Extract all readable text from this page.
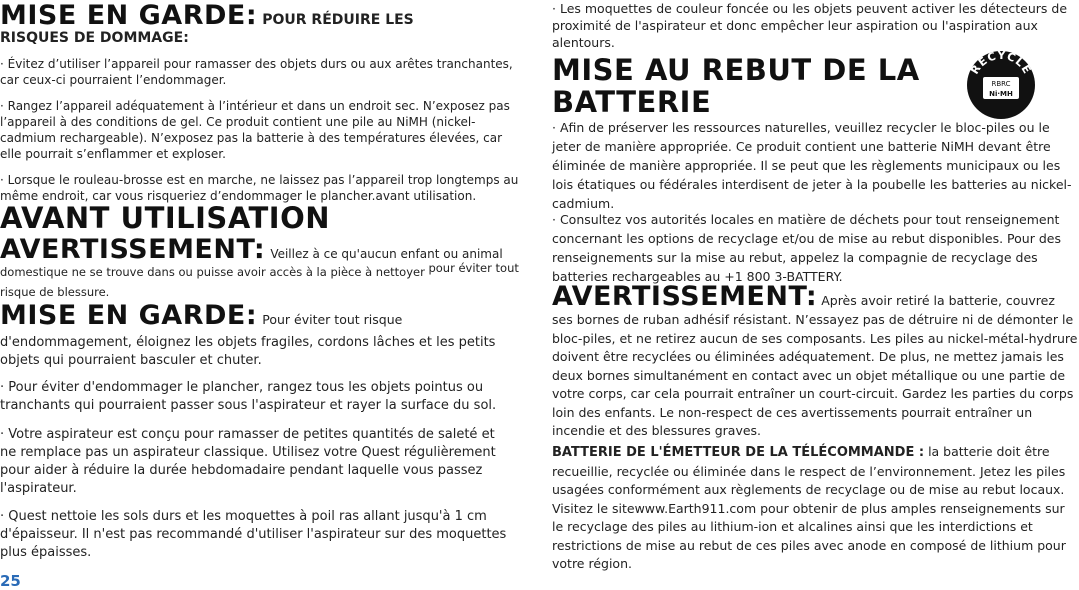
MISE EN GARDE: POUR RÉDUIRE LES
RISQUES DE DOMMAGE:

· Évitez d’utiliser l’appareil pour ramasser des objets durs ou aux arêtes tranchantes, car ceux-ci pourraient l’endommager.

· Rangez l’appareil adéquatement à l’intérieur et dans un endroit sec. N’exposez pas l’appareil à des conditions de gel. Ce produit contient une pile au NiMH (nickel-cadmium rechargeable). N’exposez pas la batterie à des températures élevées, car elle pourrait s’enflammer et exploser.

· Lorsque le rouleau-brosse est en marche, ne laissez pas l’appareil trop longtemps au même endroit, car vous risqueriez d’endommager le plancher.avant utilisation.

AVANT UTILISATION
AVERTISSEMENT: Veillez à ce qu'aucun enfant ou animal
domestique ne se trouve dans ou puisse avoir accès à la pièce à nettoyer pour éviter tout
risque de blessure.
MISE EN GARDE: Pour éviter tout risque

d'endommagement, éloignez les objets fragiles, cordons lâches et les petits objets qui pourraient basculer et chuter.

· Pour éviter d'endommager le plancher, rangez tous les objets pointus ou tranchants qui pourraient passer sous l'aspirateur et rayer la surface du sol.

· Votre aspirateur est conçu pour ramasser de petites quantités de saleté et ne remplace pas un aspirateur classique. Utilisez votre Quest régulièrement pour aider à réduire la durée hebdomadaire pendant laquelle vous passez l'aspirateur.

· Quest nettoie les sols durs et les moquettes à poil ras allant jusqu'à 1 cm d'épaisseur. Il n'est pas recommandé d'utiliser l'aspirateur sur des moquettes plus épaisses.

25

· Les moquettes de couleur foncée ou les objets peuvent activer les détecteurs de proximité de l'aspirateur et donc empêcher leur aspiration ou l'aspiration aux alentours.

MISE AU REBUT DE LA
BATTERIE

· Afin de préserver les ressources naturelles, veuillez recycler le bloc-piles ou le jeter de manière appropriée. Ce produit contient une batterie NiMH devant être éliminée de manière appropriée. Il se peut que les règlements municipaux ou les lois étatiques ou fédérales interdisent de jeter à la poubelle les batteries au nickel-cadmium.

· Consultez vos autorités locales en matière de déchets pour tout renseignement concernant les options de recyclage et/ou de mise au rebut disponibles. Pour des renseignements sur la mise au rebut, appelez la compagnie de recyclage des batteries rechargeables au +1 800 3-BATTERY.

AVERTISSEMENT: Après avoir retiré la batterie, couvrez ses bornes de ruban adhésif résistant. N’essayez pas de détruire ni de démonter le bloc-piles, et ne retirez aucun de ses composants. Les piles au nickel-métal-hydrure doivent être recyclées ou éliminées adéquatement. De plus, ne mettez jamais les deux bornes simultanément en contact avec un objet métallique ou une partie de votre corps, car cela pourrait entraîner un court-circuit. Gardez les parties du corps loin des enfants. Le non-respect de ces avertissements pourrait entraîner un incendie et des blessures graves.
BATTERIE DE L'ÉMETTEUR DE LA TÉLÉCOMMANDE : la batterie doit être recueillie, recyclée ou éliminée dans le respect de l’environnement. Jetez les piles usagées conformément aux règlements de recyclage ou de mise au rebut locaux. Visitez le sitewww.Earth911.com pour obtenir de plus amples renseignements sur le recyclage des piles au lithium-ion et alcalines ainsi que les interdictions et restrictions de mise au rebut de ces piles avec anode en composé de lithium pour votre région.
RECYCLE
RBRC
Ni·MH
